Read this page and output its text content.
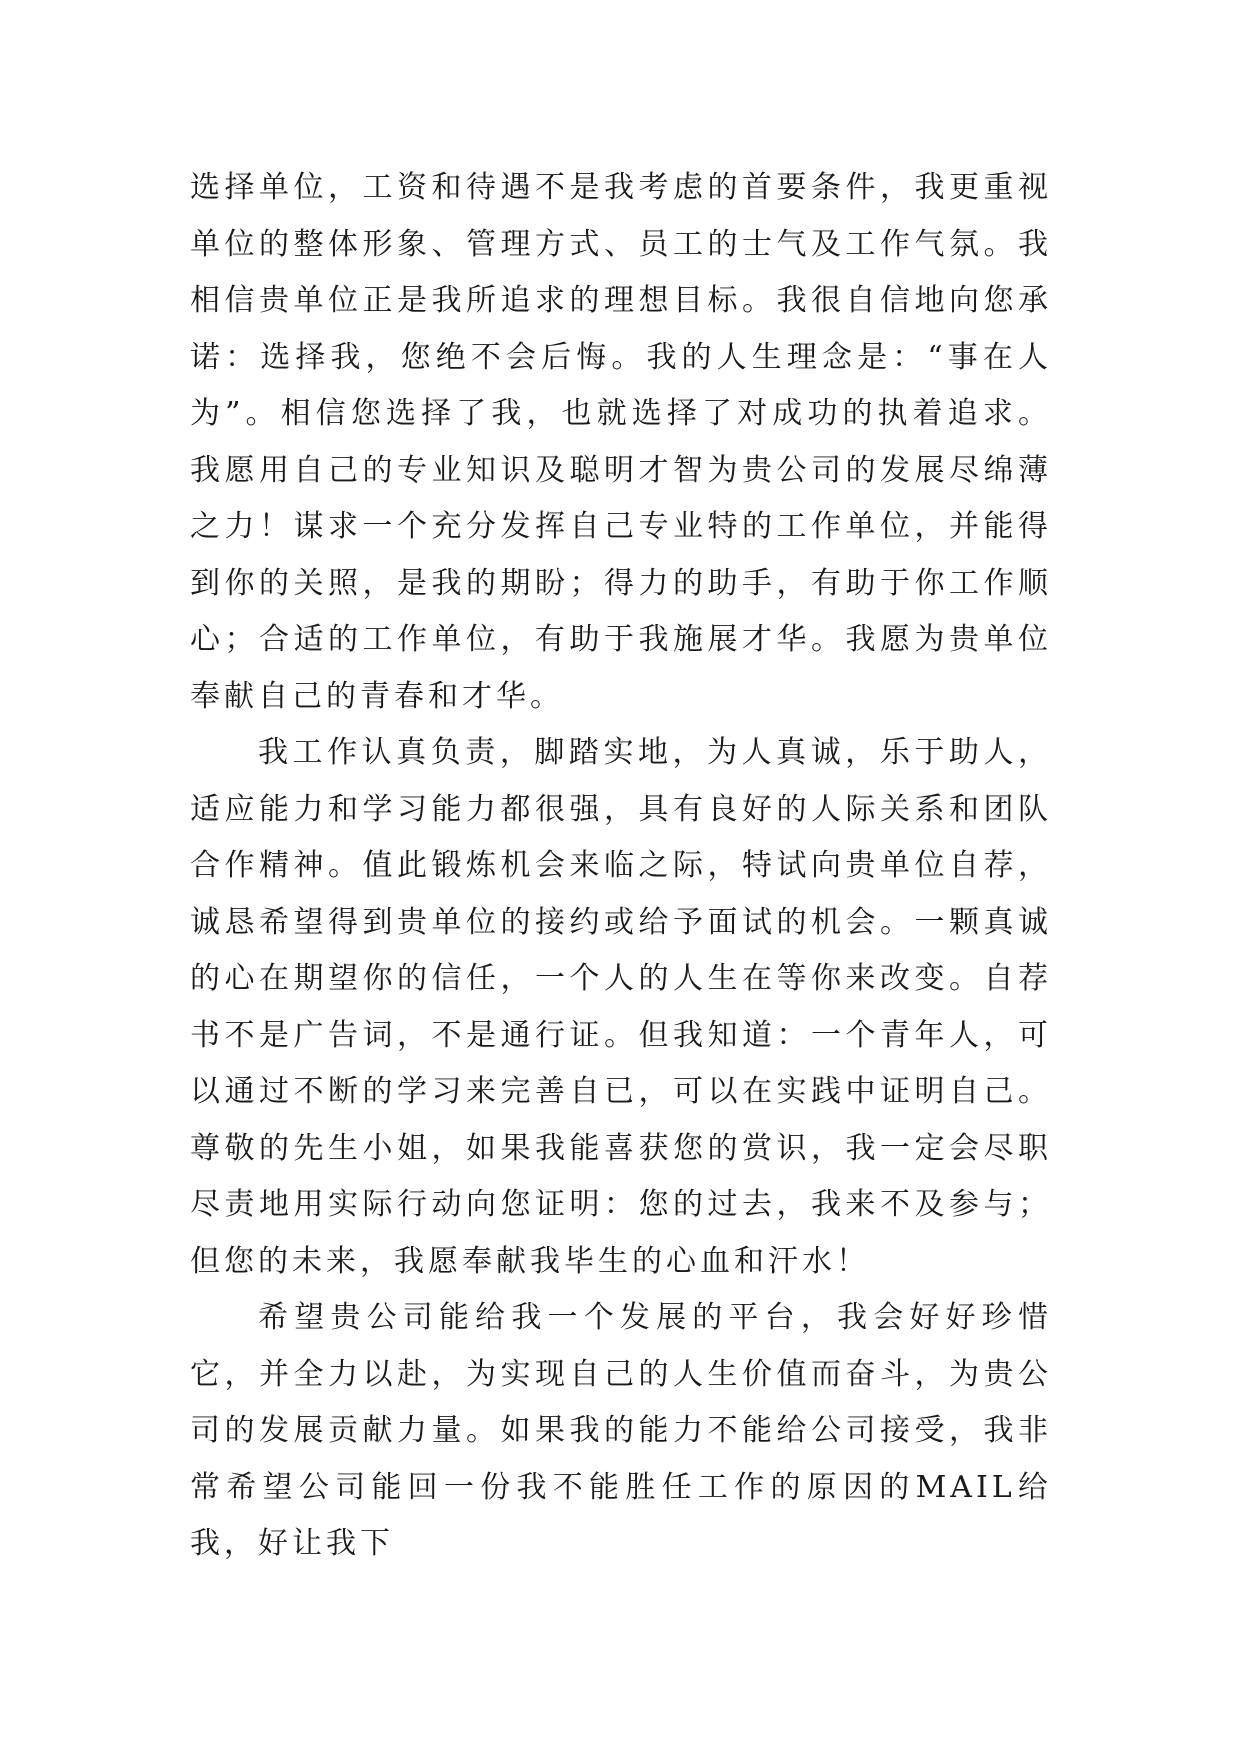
选择单位，工资和待遇不是我考虑的首要条件，我更重视单位的整体形象、管理方式、员工的士气及工作气氛。我相信贵单位正是我所追求的理想目标。我很自信地向您承诺：选择我，您绝不会后悔。我的人生理念是：“事在人为”。相信您选择了我，也就选择了对成功的执着追求。我愿用自己的专业知识及聪明才智为贵公司的发展尽绵薄之力！谋求一个充分发挥自己专业特的工作单位，并能得到你的关照，是我的期盼；得力的助手，有助于你工作顺心；合适的工作单位，有助于我施展才华。我愿为贵单位奉献自己的青春和才华。

我工作认真负责，脚踏实地，为人真诚，乐于助人，适应能力和学习能力都很强，具有良好的人际关系和团队合作精神。值此锻炼机会来临之际，特试向贵单位自荐，诚恳希望得到贵单位的接约或给予面试的机会。一颗真诚的心在期望你的信任，一个人的人生在等你来改变。自荐书不是广告词，不是通行证。但我知道：一个青年人，可以通过不断的学习来完善自已，可以在实践中证明自己。尊敬的先生小姐，如果我能喜获您的赏识，我一定会尽职尽责地用实际行动向您证明：您的过去，我来不及参与；但您的未来，我愿奉献我毕生的心血和汗水！

希望贵公司能给我一个发展的平台，我会好好珍惜它，并全力以赴，为实现自己的人生价值而奋斗，为贵公司的发展贡献力量。如果我的能力不能给公司接受，我非常希望公司能回一份我不能胜任工作的原因的MAIL给我，好让我下
